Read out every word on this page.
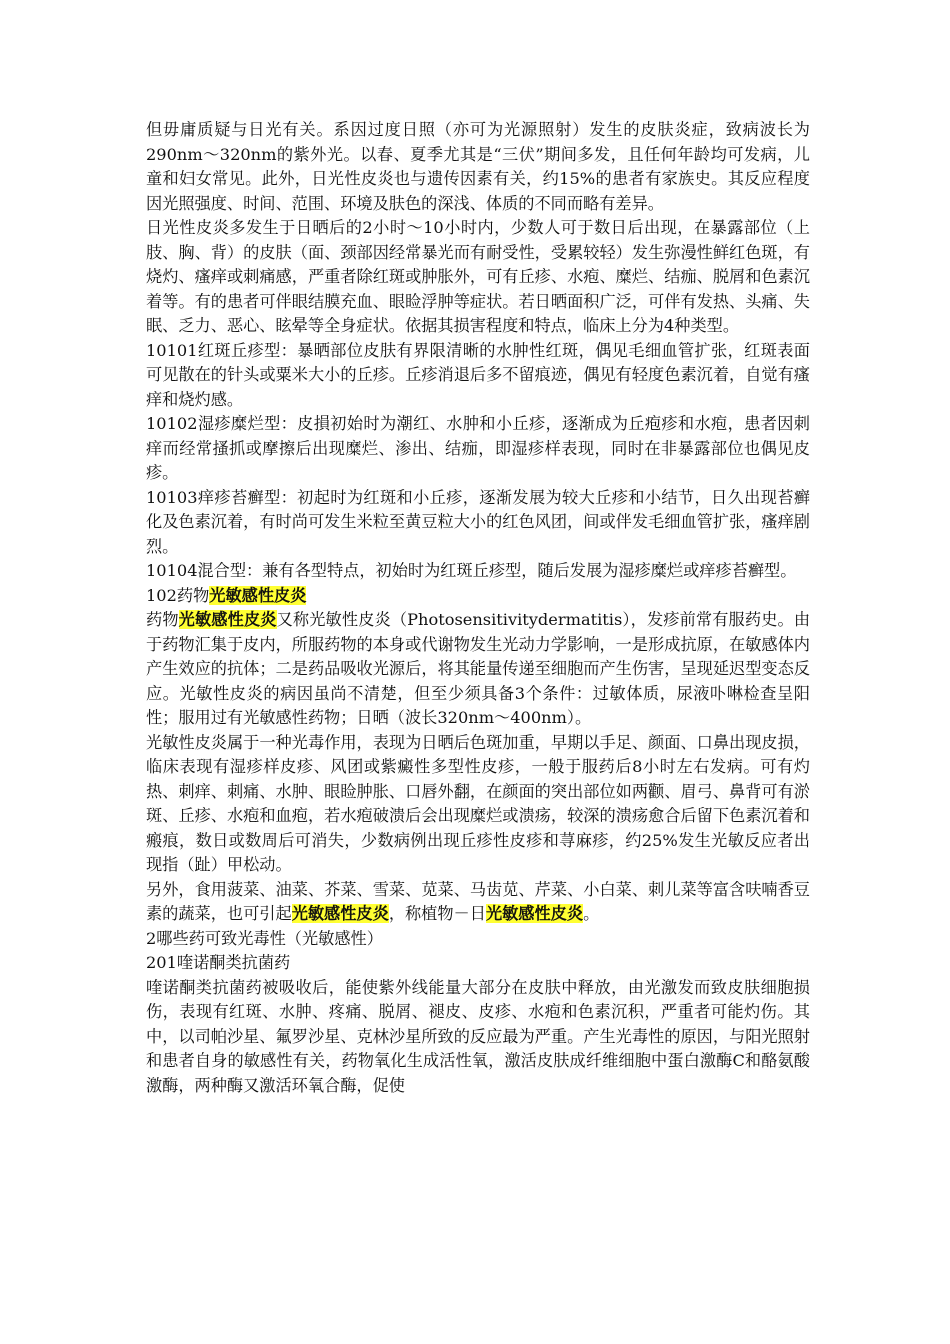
但毋庸质疑与日光有关。系因过度日照（亦可为光源照射）发生的皮肤炎症，致病波长为290nm～320nm的紫外光。以春、夏季尤其是“三伏”期间多发，且任何年龄均可发病，儿童和妇女常见。此外，日光性皮炎也与遗传因素有关，约15%的患者有家族史。其反应程度因光照强度、时间、范围、环境及肤色的深浅、体质的不同而略有差异。

日光性皮炎多发生于日晒后的2小时～10小时内，少数人可于数日后出现，在暴露部位（上肢、胸、背）的皮肤（面、颈部因经常暴光而有耐受性，受累较轻）发生弥漫性鲜红色斑，有烧灼、瘙痒或刺痛感，严重者除红斑或肿胀外，可有丘疹、水疱、糜烂、结痂、脱屑和色素沉着等。有的患者可伴眼结膜充血、眼睑浮肿等症状。若日晒面积广泛，可伴有发热、头痛、失眠、乏力、恶心、眩晕等全身症状。依据其损害程度和特点，临床上分为4种类型。

10101红斑丘疹型：暴晒部位皮肤有界限清晰的水肿性红斑，偶见毛细血管扩张，红斑表面可见散在的针头或粟米大小的丘疹。丘疹消退后多不留痕迹，偶见有轻度色素沉着，自觉有瘙痒和烧灼感。

10102湿疹糜烂型：皮損初始时为潮红、水肿和小丘疹，逐渐成为丘疱疹和水疱，患者因刺痒而经常搔抓或摩擦后出现糜烂、渗出、结痂，即湿疹样表现，同时在非暴露部位也偶见皮疹。

10103痒疹苔癣型：初起时为红斑和小丘疹，逐渐发展为较大丘疹和小结节，日久出现苔癣化及色素沉着，有时尚可发生米粒至黄豆粒大小的红色风团，间或伴发毛细血管扩张，瘙痒剧烈。

10104混合型：兼有各型特点，初始时为红斑丘疹型，随后发展为湿疹糜烂或痒疹苔癣型。

102药物光敏感性皮炎

药物光敏感性皮炎又称光敏性皮炎（Photosensitivitydermatitis），发疹前常有服药史。由于药物汇集于皮内，所服药物的本身或代谢物发生光动力学影响，一是形成抗原，在敏感体内产生效应的抗体；二是药品吸收光源后，将其能量传递至细胞而产生伤害，呈现延迟型变态反应。光敏性皮炎的病因虽尚不清楚，但至少须具备3个条件：过敏体质，尿液卟啉检查呈阳性；服用过有光敏感性药物；日晒（波长320nm～400nm）。

光敏性皮炎属于一种光毒作用，表现为日晒后色斑加重，早期以手足、颜面、口鼻出现皮损，临床表现有湿疹样皮疹、风团或紫癜性多型性皮疹，一般于服药后8小时左右发病。可有灼热、刺痒、刺痛、水肿、眼睑肿胀、口唇外翻，在颜面的突出部位如两颧、眉弓、鼻背可有淤斑、丘疹、水疱和血疱，若水疱破溃后会出现糜烂或溃疡，较深的溃疡愈合后留下色素沉着和瘢痕，数日或数周后可消失，少数病例出现丘疹性皮疹和荨麻疹，约25%发生光敏反应者出现指（趾）甲松动。

另外，食用菠菜、油菜、芥菜、雪菜、苋菜、马齿苋、芹菜、小白菜、刺儿菜等富含呋喃香豆素的蔬菜，也可引起光敏感性皮炎，称植物－日光敏感性皮炎。

2哪些药可致光毒性（光敏感性）

201喹诺酮类抗菌药

喹诺酮类抗菌药被吸收后，能使紫外线能量大部分在皮肤中释放，由光激发而致皮肤细胞损伤，表现有红斑、水肿、疼痛、脱屑、褪皮、皮疹、水疱和色素沉积，严重者可能灼伤。其中，以司帕沙星、氟罗沙星、克林沙星所致的反应最为严重。产生光毒性的原因，与阳光照射和患者自身的敏感性有关，药物氧化生成活性氧，激活皮肤成纤维细胞中蛋白激酶C和酪氨酸激酶，两种酶又激活环氧合酶，促使
